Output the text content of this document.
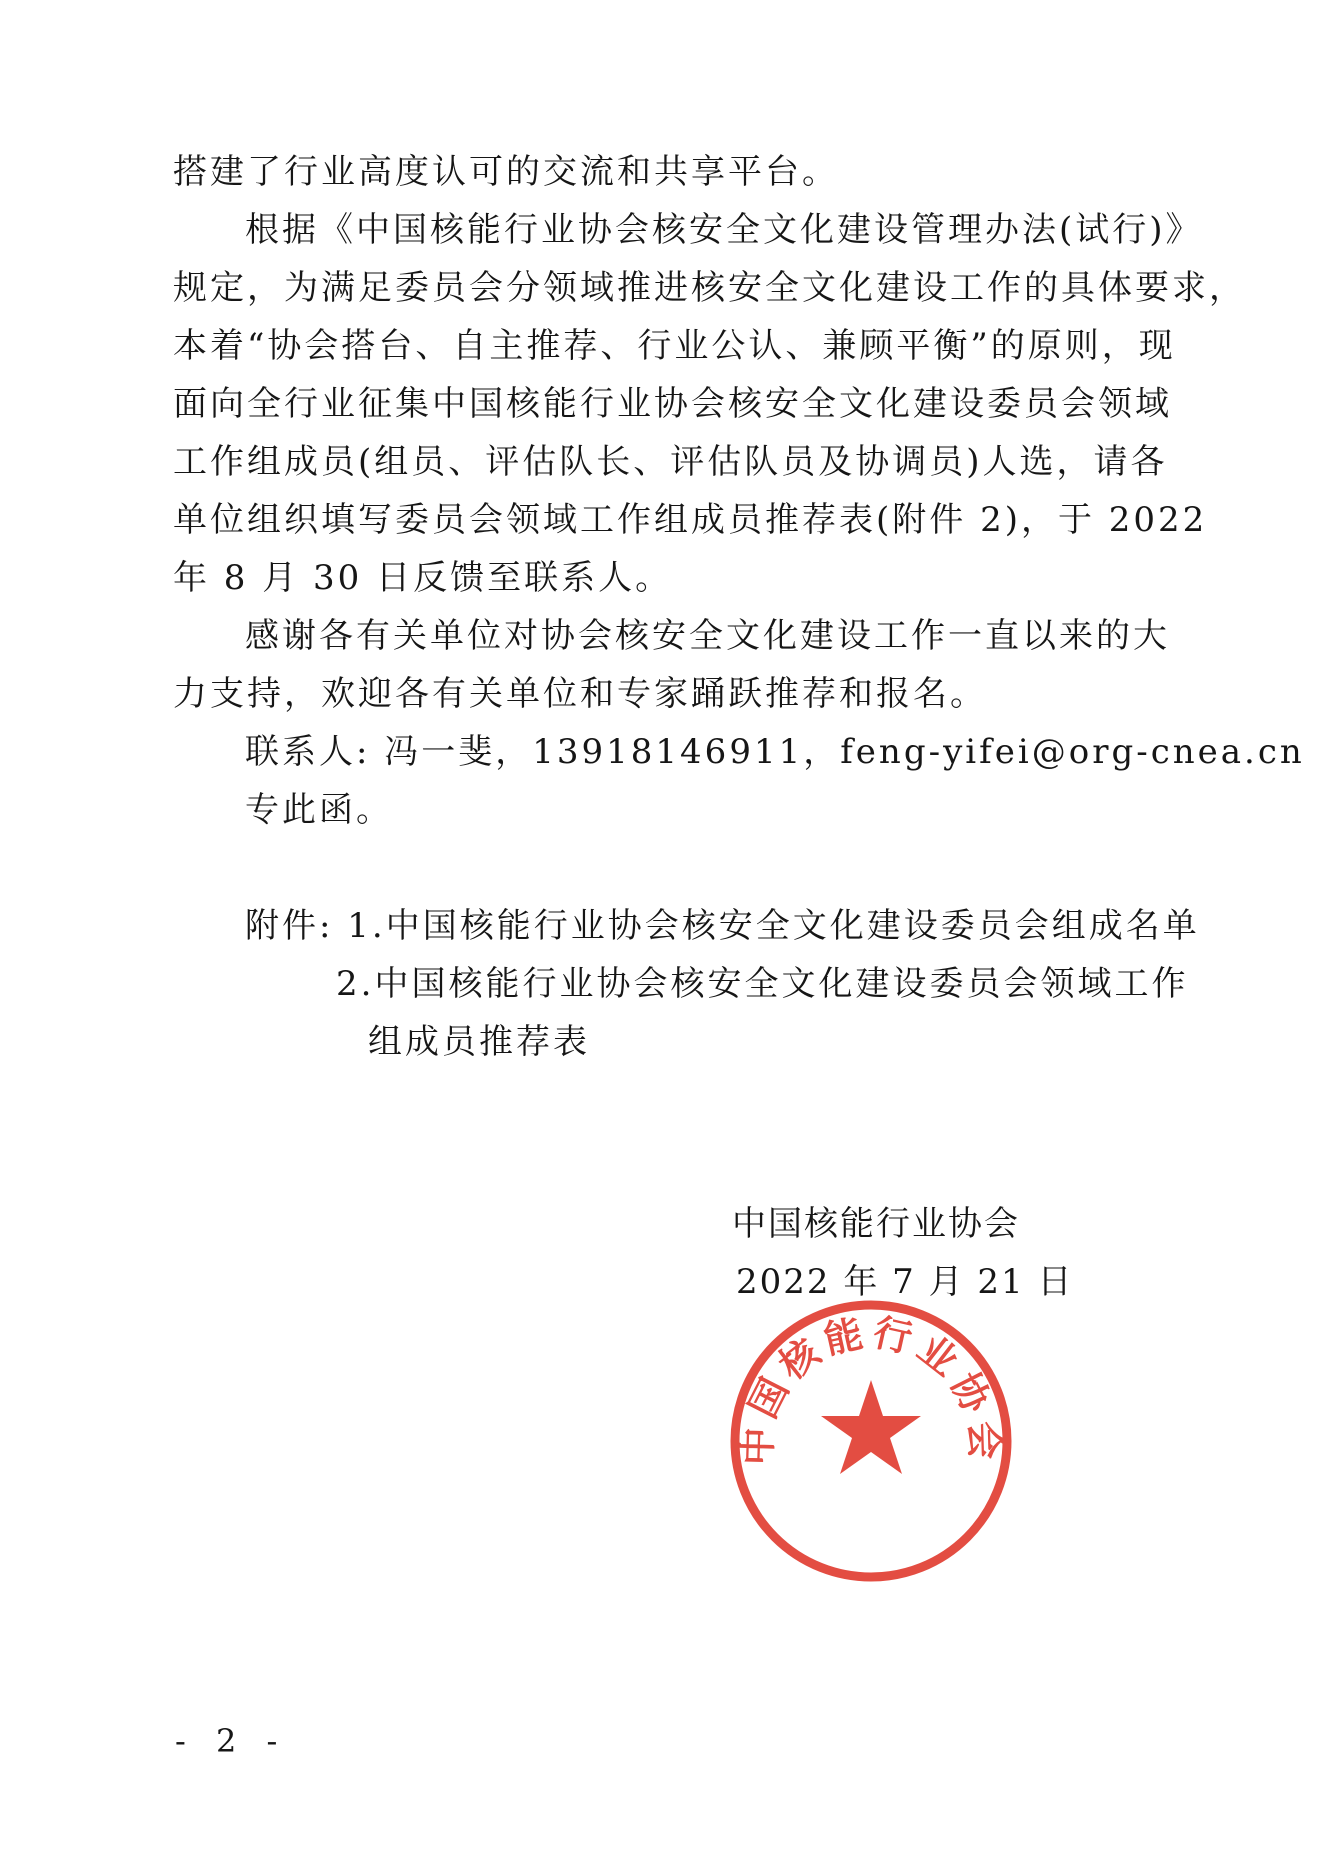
搭建了行业高度认可的交流和共享平台。
根据《中国核能行业协会核安全文化建设管理办法(试行)》
规定，为满足委员会分领域推进核安全文化建设工作的具体要求，
本着“协会搭台、自主推荐、行业公认、兼顾平衡”的原则，现
面向全行业征集中国核能行业协会核安全文化建设委员会领域
工作组成员(组员、评估队长、评估队员及协调员)人选，请各
单位组织填写委员会领域工作组成员推荐表(附件 2)，于 2022
年 8 月 30 日反馈至联系人。
感谢各有关单位对协会核安全文化建设工作一直以来的大
力支持，欢迎各有关单位和专家踊跃推荐和报名。
联系人: 冯一斐，13918146911，feng-yifei@org-cnea.cn
专此函。
附件: 1.中国核能行业协会核安全文化建设委员会组成名单
2.中国核能行业协会核安全文化建设委员会领域工作
组成员推荐表
中国核能行业协会
中国核能行业协会
2022 年 7 月 21 日
- 2 -
